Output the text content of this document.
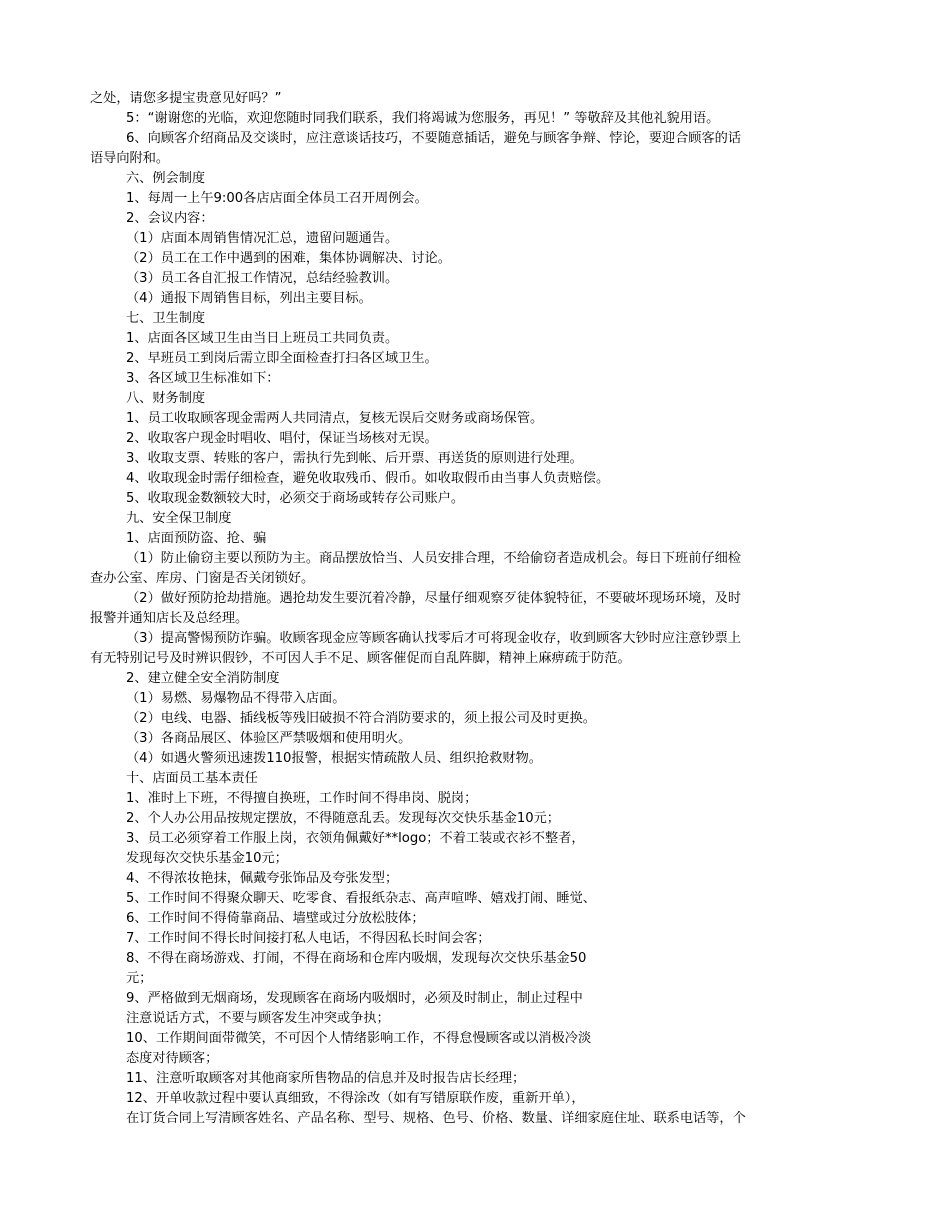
之处，请您多提宝贵意见好吗？”
5：“谢谢您的光临，欢迎您随时同我们联系，我们将竭诚为您服务，再见！” 等敬辞及其他礼貌用语。
6、向顾客介绍商品及交谈时，应注意谈话技巧，不要随意插话，避免与顾客争辩、悖论，要迎合顾客的话
语导向附和。
六、例会制度
1、每周一上午9:00各店店面全体员工召开周例会。
2、会议内容：
（1）店面本周销售情况汇总，遗留问题通告。
（2）员工在工作中遇到的困难，集体协调解决、讨论。
（3）员工各自汇报工作情况，总结经验教训。
（4）通报下周销售目标，列出主要目标。
七、卫生制度
1、店面各区域卫生由当日上班员工共同负责。
2、早班员工到岗后需立即全面检查打扫各区域卫生。
3、各区域卫生标准如下：
八、财务制度
1、员工收取顾客现金需两人共同清点，复核无误后交财务或商场保管。
2、收取客户现金时唱收、唱付，保证当场核对无误。
3、收取支票、转账的客户，需执行先到帐、后开票、再送货的原则进行处理。
4、收取现金时需仔细检查，避免收取残币、假币。如收取假币由当事人负责赔偿。
5、收取现金数额较大时，必须交于商场或转存公司账户。
九、安全保卫制度
1、店面预防盗、抢、骗
（1）防止偷窃主要以预防为主。商品摆放恰当、人员安排合理，不给偷窃者造成机会。每日下班前仔细检
查办公室、库房、门窗是否关闭锁好。
（2）做好预防抢劫措施。遇抢劫发生要沉着冷静，尽量仔细观察歹徒体貌特征，不要破坏现场环境，及时
报警并通知店长及总经理。
（3）提高警惕预防诈骗。收顾客现金应等顾客确认找零后才可将现金收存，收到顾客大钞时应注意钞票上
有无特别记号及时辨识假钞，不可因人手不足、顾客催促而自乱阵脚，精神上麻痹疏于防范。
2、建立健全安全消防制度
（1）易燃、易爆物品不得带入店面。
（2）电线、电器、插线板等残旧破损不符合消防要求的，须上报公司及时更换。
（3）各商品展区、体验区严禁吸烟和使用明火。
（4）如遇火警须迅速拨110报警，根据实情疏散人员、组织抢救财物。
十、店面员工基本责任
1、准时上下班，不得擅自换班，工作时间不得串岗、脱岗；
2、个人办公用品按规定摆放，不得随意乱丢。发现每次交快乐基金10元；
3、员工必须穿着工作服上岗，衣领角佩戴好**logo；不着工装或衣衫不整者，
发现每次交快乐基金10元；
4、不得浓妆艳抹，佩戴夸张饰品及夸张发型；
5、工作时间不得聚众聊天、吃零食、看报纸杂志、高声喧哗、嬉戏打闹、睡觉、
6、工作时间不得倚靠商品、墙壁或过分放松肢体；
7、工作时间不得长时间接打私人电话，不得因私长时间会客；
8、不得在商场游戏、打闹，不得在商场和仓库内吸烟，发现每次交快乐基金50
元；
9、严格做到无烟商场，发现顾客在商场内吸烟时，必须及时制止，制止过程中
注意说话方式，不要与顾客发生冲突或争执；
10、工作期间面带微笑，不可因个人情绪影响工作，不得怠慢顾客或以消极冷淡
态度对待顾客；
11、注意听取顾客对其他商家所售物品的信息并及时报告店长经理；
12、开单收款过程中要认真细致，不得涂改（如有写错原联作废，重新开单），
在订货合同上写清顾客姓名、产品名称、型号、规格、色号、价格、数量、详细家庭住址、联系电话等，个
